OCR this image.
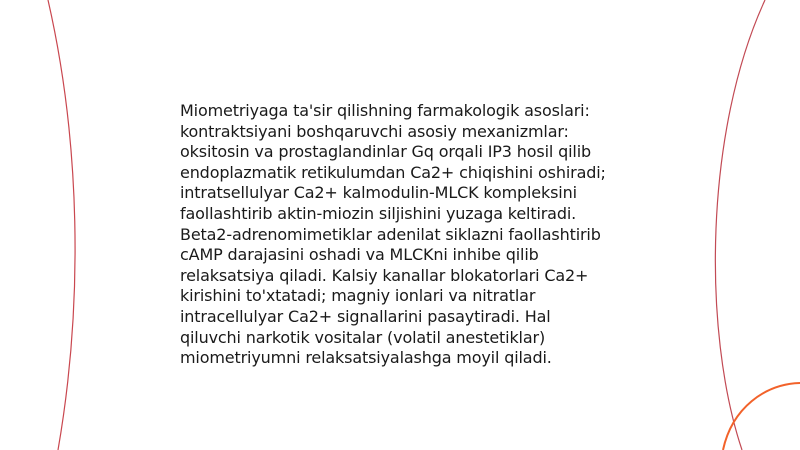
Miometriyaga ta'sir qilishning farmakologik asoslari:
kontraktsiyani boshqaruvchi asosiy mexanizmlar:
oksitosin va prostaglandinlar Gq orqali IP3 hosil qilib
endoplazmatik retikulumdan Ca2+ chiqishini oshiradi;
intratsellulyar Ca2+ kalmodulin-MLCK kompleksini
faollashtirib aktin-miozin siljishini yuzaga keltiradi.
Beta2-adrenomimetiklar adenilat siklazni faollashtirib
cAMP darajasini oshadi va MLCKni inhibe qilib
relaksatsiya qiladi. Kalsiy kanallar blokatorlari Ca2+
kirishini to'xtatadi; magniy ionlari va nitratlar
intracellulyar Ca2+ signallarini pasaytiradi. Hal
qiluvchi narkotik vositalar (volatil anestetiklar)
miometriyumni relaksatsiyalashga moyil qiladi.
